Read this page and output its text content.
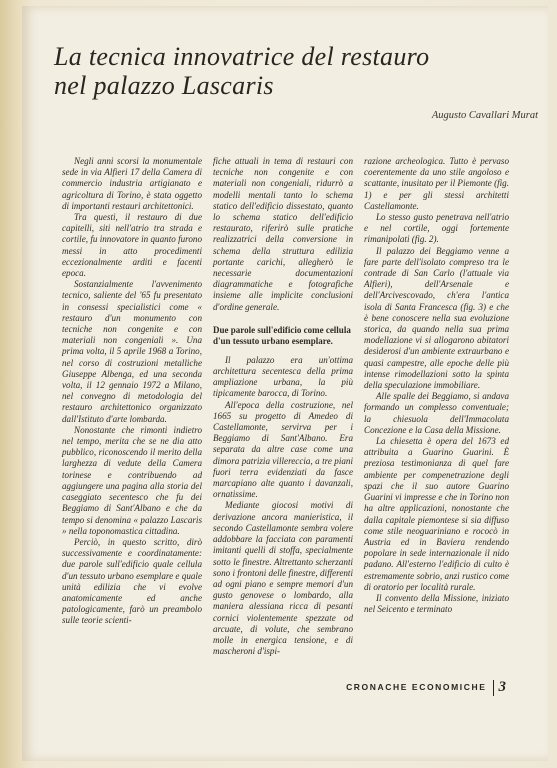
La tecnica innovatrice del restauro
nel palazzo Lascaris
Augusto Cavallari Murat

Negli anni scorsi la monumentale sede in via Alfieri 17 della Camera di commercio industria artigianato e agricoltura di Torino, è stata oggetto di importanti restauri architettonici.

Tra questi, il restauro di due capitelli, siti nell'atrio tra strada e cortile, fu innovatore in quanto furono messi in atto procedimenti eccezionalmente arditi e facenti epoca.

Sostanzialmente l'avvenimento tecnico, saliente del '65 fu presentato in consessi specialistici come « restauro d'un monumento con tecniche non congenite e con materiali non congeniali ». Una prima volta, il 5 aprile 1968 a Torino, nel corso di costruzioni metalliche Giuseppe Albenga, ed una seconda volta, il 12 gennaio 1972 a Milano, nel convegno di metodologia del restauro architettonico organizzato dall'Istituto d'arte lombarda.

Nonostante che rimonti indietro nel tempo, merita che se ne dia atto pubblico, riconoscendo il merito della larghezza di vedute della Camera torinese e contribuendo ad aggiungere una pagina alla storia del caseggiato secentesco che fu dei Beggiamo di Sant'Albano e che da tempo si denomina « palazzo Lascaris » nella toponomastica cittadina.

Perciò, in questo scritto, dirò successivamente e coordinatamente: due parole sull'edificio quale cellula d'un tessuto urbano esemplare e quale unità edilizia che vi evolve anatomicamente ed anche patologicamente, farò un preambolo sulle teorie scienti-

fiche attuali in tema di restauri con tecniche non congenite e con materiali non congeniali, ridurrò a modelli mentali tanto lo schema statico dell'edificio dissestato, quanto lo schema statico dell'edificio restaurato, riferirò sulle pratiche realizzatrici della conversione in schema della struttura edilizia portante carichi, allegherò le necessarie documentazioni diagrammatiche e fotografiche insieme alle implicite conclusioni d'ordine generale.

Due parole sull'edificio come cellula d'un tessuto urbano esemplare.

Il palazzo era un'ottima architettura secentesca della prima ampliazione urbana, la più tipicamente barocca, di Torino.

All'epoca della costruzione, nel 1665 su progetto di Amedeo di Castellamonte, servirva per i Beggiamo di Sant'Albano. Era separata da altre case come una dimora patrizia villereccia, a tre piani fuori terra evidenziati da fasce marcapiano alte quanto i davanzali, ornatissime.

Mediante giocosi motivi di derivazione ancora manieristica, il secondo Castellamonte sembra volere addobbare la facciata con paramenti imitanti quelli di stoffa, specialmente sotto le finestre. Altrettanto scherzanti sono i frontoni delle finestre, differenti ad ogni piano e sempre memori d'un gusto genovese o lombardo, alla maniera alessiana ricca di pesanti cornici violentemente spezzate od arcuate, di volute, che sembrano molle in energica tensione, e di mascheroni d'ispi-

razione archeologica. Tutto è pervaso coerentemente da uno stile angoloso e scattante, inusitato per il Piemonte (fig. 1) e per gli stessi architetti Castellamonte.

Lo stesso gusto penetrava nell'atrio e nel cortile, oggi fortemente rimanipolati (fig. 2).

Il palazzo dei Beggiamo venne a fare parte dell'isolato compreso tra le contrade di San Carlo (l'attuale via Alfieri), dell'Arsenale e dell'Arcivescovado, ch'era l'antica isola di Santa Francesca (fig. 3) e che è bene conoscere nella sua evoluzione storica, da quando nella sua prima modellazione vi si allogarono abitatori desiderosi d'un ambiente extraurbano e quasi campestre, alle epoche delle più intense rimodellazioni sotto la spinta della speculazione immobiliare.

Alle spalle dei Beggiamo, si andava formando un complesso conventuale; la chiesuola dell'Immacolata Concezione e la Casa della Missione.

La chiesetta è opera del 1673 ed attribuita a Guarino Guarini. È preziosa testimonianza di quel fare ambiente per compenetrazione degli spazi che il suo autore Guarino Guarini vi impresse e che in Torino non ha altre applicazioni, nonostante che dalla capitale piemontese si sia diffuso come stile neoguariniano e rococò in Austria ed in Baviera rendendo popolare in sede internazionale il nido padano. All'esterno l'edificio di culto è estremamente sobrio, anzi rustico come di oratorio per località rurale.

Il convento della Missione, iniziato nel Seicento e terminato

CRONACHE ECONOMICHE 3
